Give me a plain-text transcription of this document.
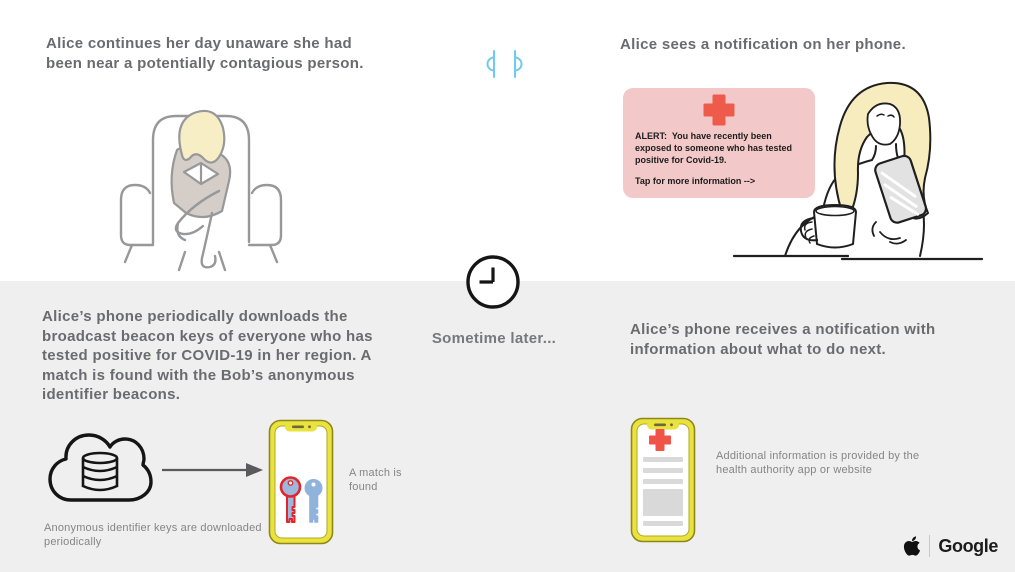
Alice continues her day unaware she had been near a potentially contagious person.
Alice sees a notification on her phone.
ALERT:  You have recently been exposed to someone who has tested positive for Covid-19.
Tap for more information -->
Sometime later...
Alice’s phone periodically downloads the broadcast beacon keys of everyone who has tested positive for COVID-19 in her region. A match is found with the Bob’s anonymous identifier beacons.
Anonymous identifier keys are downloaded periodically
A match is found
Alice’s phone receives a notification with information about what to do next.
Additional information is provided by the health authority app or website
Google
